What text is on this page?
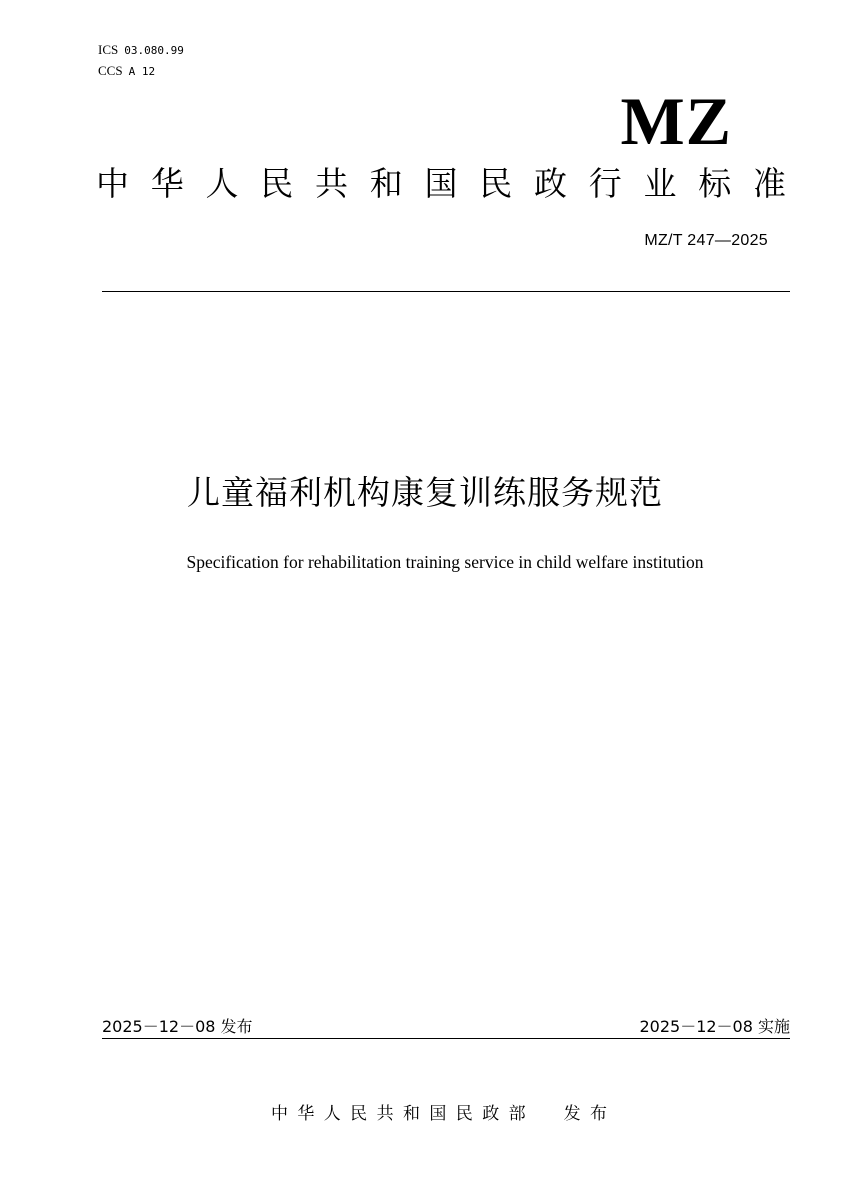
ICS 03.080.99
CCS A 12
MZ
中 华 人 民 共 和 国 民 政 行 业 标 准
MZ/T 247—2025
儿童福利机构康复训练服务规范
Specification for rehabilitation training service in child welfare institution
2025－12－08 发布	2025－12－08 实施
中 华 人 民 共 和 国 民 政 部 发 布
